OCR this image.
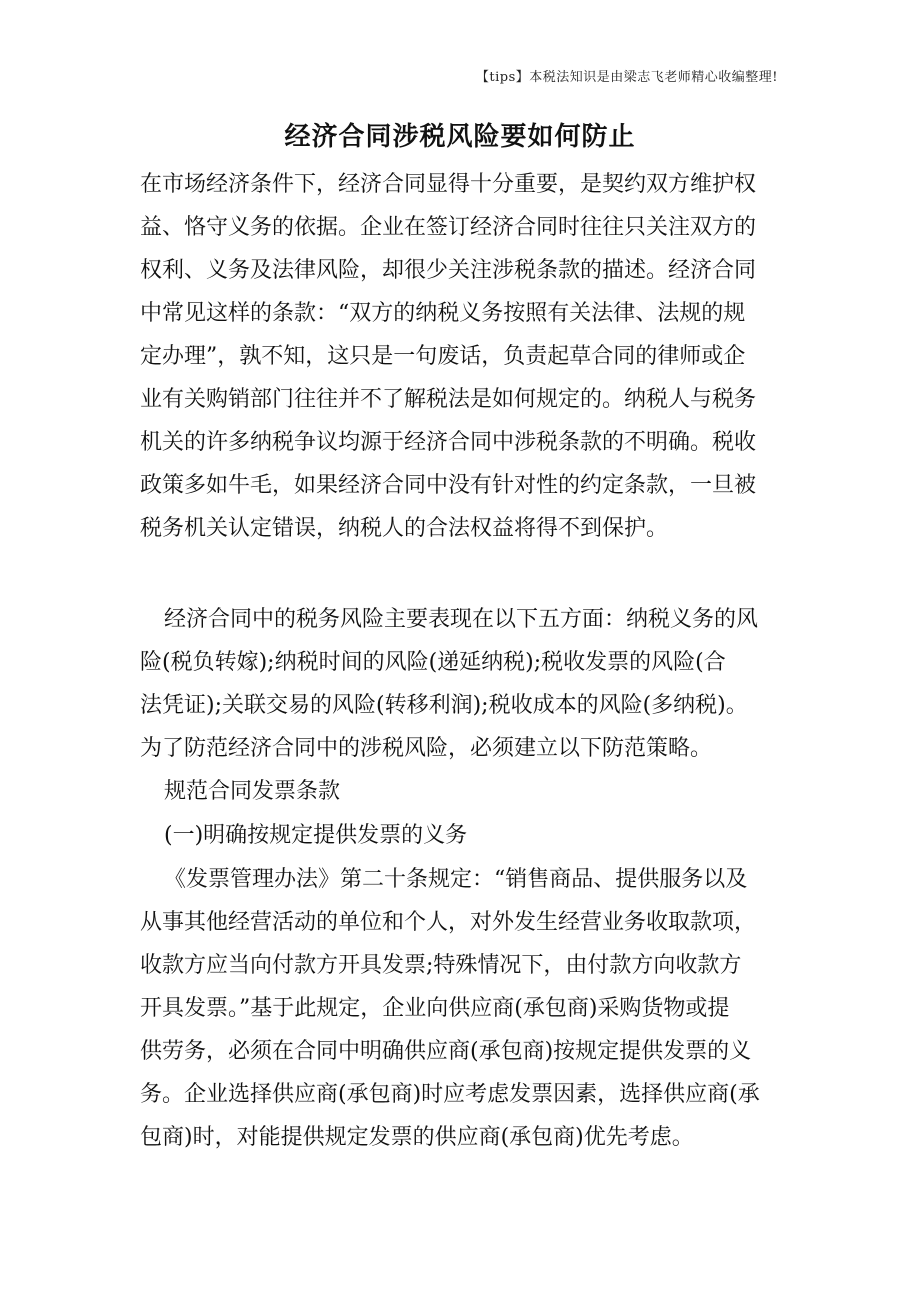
【tips】本税法知识是由梁志飞老师精心收编整理!
经济合同涉税风险要如何防止
在市场经济条件下，经济合同显得十分重要，是契约双方维护权
益、恪守义务的依据。企业在签订经济合同时往往只关注双方的
权利、义务及法律风险，却很少关注涉税条款的描述。经济合同
中常见这样的条款：“双方的纳税义务按照有关法律、法规的规
定办理”，孰不知，这只是一句废话，负责起草合同的律师或企
业有关购销部门往往并不了解税法是如何规定的。纳税人与税务
机关的许多纳税争议均源于经济合同中涉税条款的不明确。税收
政策多如牛毛，如果经济合同中没有针对性的约定条款，一旦被
税务机关认定错误，纳税人的合法权益将得不到保护。
经济合同中的税务风险主要表现在以下五方面：纳税义务的风
险(税负转嫁);纳税时间的风险(递延纳税);税收发票的风险(合
法凭证);关联交易的风险(转移利润);税收成本的风险(多纳税)。
为了防范经济合同中的涉税风险，必须建立以下防范策略。
规范合同发票条款
(一)明确按规定提供发票的义务
《发票管理办法》第二十条规定：“销售商品、提供服务以及
从事其他经营活动的单位和个人，对外发生经营业务收取款项，
收款方应当向付款方开具发票;特殊情况下，由付款方向收款方
开具发票。”基于此规定，企业向供应商(承包商)采购货物或提
供劳务，必须在合同中明确供应商(承包商)按规定提供发票的义
务。企业选择供应商(承包商)时应考虑发票因素，选择供应商(承
包商)时，对能提供规定发票的供应商(承包商)优先考虑。
